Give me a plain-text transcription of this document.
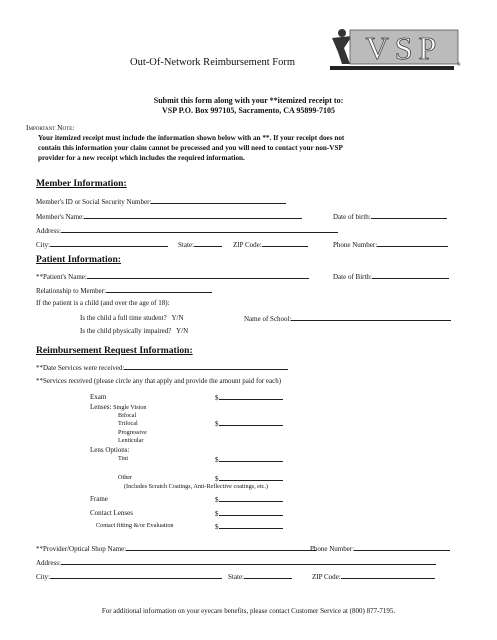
VSP	®
Out-Of-Network Reimbursement Form
Submit this form along with your **itemized receipt to:
VSP P.O. Box 997105, Sacramento, CA 95899-7105
Important Note:
Your itemized receipt must include the information shown below with an **. If your receipt does not
contain this information your claim cannot be processed and you will need to contact your non-VSP
provider for a new receipt which includes the required information.
Member Information:
Member's ID or Social Security Number:
Member's Name:	Date of birth:
Address:
City:	State:	ZIP Code:	Phone Number:
Patient Information:
**Patient's Name:	Date of Birth:
Relationship to Member:
If the patient is a child (and over the age of 18):
Is the child a full time student? Y/N	Name of School:
Is the child physically impaired? Y/N
Reimbursement Request Information:
**Date Services were received:
**Services received (please circle any that apply and provide the amount paid for each)
Exam	$
Lenses: Single Vision
Bifocal
Trifocal	$
Progressive
Lenticular
Lens Options:
Tint	$
Other	$
(Includes Scratch Coatings, Anti-Reflective coatings, etc.)
Frame	$
Contact Lenses	$
Contact fitting &/or Evaluation	$
**Provider/Optical Shop Name:	Phone Number:
Address:
City:	State:	ZIP Code:
For additional information on your eyecare benefits, please contact Customer Service at (800) 877-7195.
